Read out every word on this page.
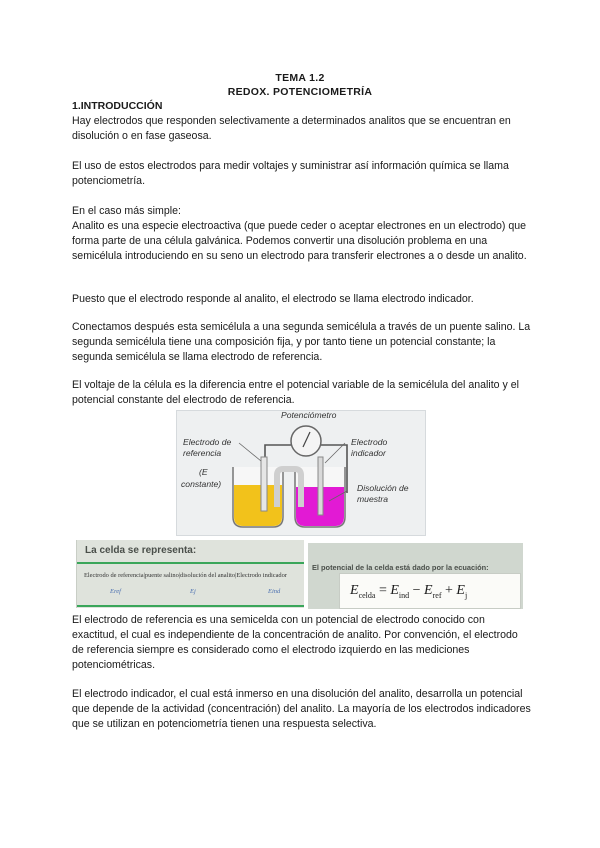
TEMA 1.2
REDOX. POTENCIOMETRÍA
1.INTRODUCCIÓN

Hay electrodos que responden selectivamente a determinados analitos que se encuentran en disolución o en fase gaseosa.

El uso de estos electrodos para medir voltajes y suministrar así información química se llama potenciometría.

En el caso más simple:

Analito es una especie electroactiva (que puede ceder o aceptar electrones en un electrodo) que forma parte de una célula galvánica. Podemos convertir una disolución problema en una semicélula introduciendo en su seno un electrodo para transferir electrones a o desde un analito.

Puesto que el electrodo responde al analito, el electrodo se llama electrodo indicador.

Conectamos después esta semicélula a una segunda semicélula a través de un puente salino. La segunda semicélula tiene una composición fija, y por tanto tiene un potencial constante; la segunda semicélula se llama electrodo de referencia.

El voltaje de la célula es la diferencia entre el potencial variable de la semicélula del analito y el potencial constante del electrodo de referencia.

Potenciómetro
Electrodo de
referencia
(E
constante)
Electrodo
indicador
Disolución de
muestra
La celda se representa:
Electrodo de referencia|puente salino|disolución del analito|Electrodo indicador
Eref	Ej	Eind
El potencial de la celda está dado por la ecuación:
$E_{celda} = E_{ind} - E_{ref} + E_j$

El electrodo de referencia es una semicelda con un potencial de electrodo conocido con exactitud, el cual es independiente de la concentración de analito. Por convención, el electrodo de referencia siempre es considerado como el electrodo izquierdo en las mediciones potenciométricas.

El electrodo indicador, el cual está inmerso en una disolución del analito, desarrolla un potencial que depende de la actividad (concentración) del analito. La mayoría de los electrodos indicadores que se utilizan en potenciometría tienen una respuesta selectiva.
